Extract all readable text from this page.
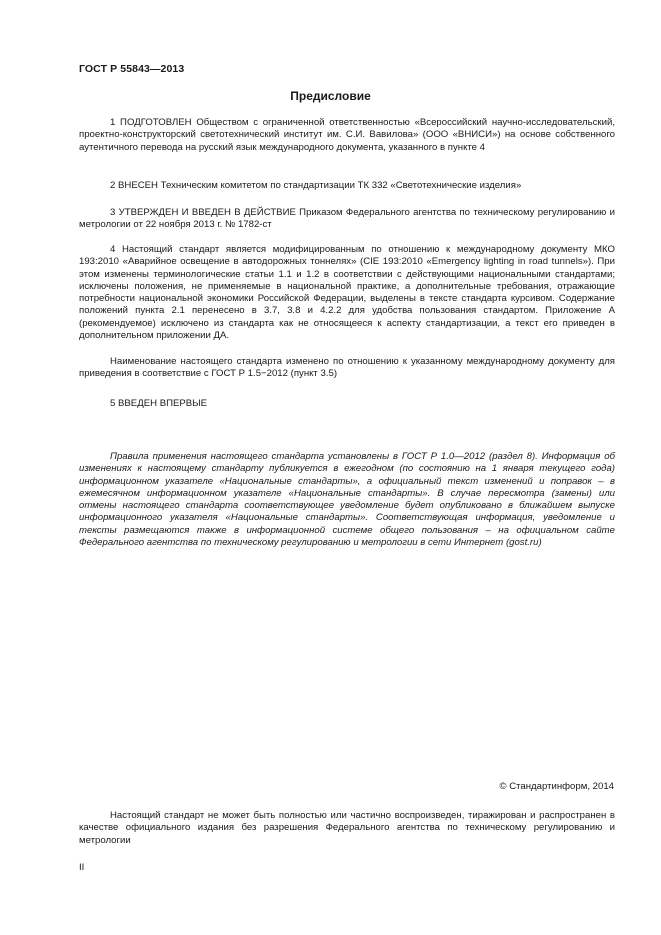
ГОСТ Р 55843—2013
Предисловие

1 ПОДГОТОВЛЕН Обществом с ограниченной ответственностью «Всероссийский научно-исследовательский, проектно-конструкторский светотехнический институт им. С.И. Вавилова» (ООО «ВНИСИ») на основе собственного аутентичного перевода на русский язык международного документа, указанного в пункте 4

2 ВНЕСЕН Техническим комитетом по стандартизации ТК 332 «Светотехнические изделия»

3 УТВЕРЖДЕН И ВВЕДЕН В ДЕЙСТВИЕ Приказом Федерального агентства по техническому регулированию и метрологии от 22 ноября 2013 г. № 1782-ст

4 Настоящий стандарт является модифицированным по отношению к международному документу МКО 193:2010 «Аварийное освещение в автодорожных тоннелях» (CIE 193:2010 «Emergency lighting in road tunnels»). При этом изменены терминологические статьи 1.1 и 1.2 в соответствии с действующими национальными стандартами; исключены положения, не применяемые в национальной практике, а дополнительные требования, отражающие потребности национальной экономики Российской Федерации, выделены в тексте стандарта курсивом. Содержание положений пункта 2.1 перенесено в 3.7, 3.8 и 4.2.2 для удобства пользования стандартом. Приложение А (рекомендуемое) исключено из стандарта как не относящееся к аспекту стандартизации, а текст его приведен в дополнительном приложении ДА.

Наименование настоящего стандарта изменено по отношению к указанному международному документу для приведения в соответствие с ГОСТ Р 1.5−2012 (пункт 3.5)

5 ВВЕДЕН ВПЕРВЫЕ

Правила применения настоящего стандарта установлены в ГОСТ Р 1.0—2012 (раздел 8). Информация об изменениях к настоящему стандарту публикуется в ежегодном (по состоянию на 1 января текущего года) информационном указателе «Национальные стандарты», а официальный текст изменений и поправок – в ежемесячном информационном указателе «Национальные стандарты». В случае пересмотра (замены) или отмены настоящего стандарта соответствующее уведомление будет опубликовано в ближайшем выпуске информационного указателя «Национальные стандарты». Соответствующая информация, уведомление и тексты размещаются также в информационной системе общего пользования – на официальном сайте Федерального агентства по техническому регулированию и метрологии в сети Интернет (gost.ru)

© Стандартинформ, 2014

Настоящий стандарт не может быть полностью или частично воспроизведен, тиражирован и распространен в качестве официального издания без разрешения Федерального агентства по техническому регулированию и метрологии

II
